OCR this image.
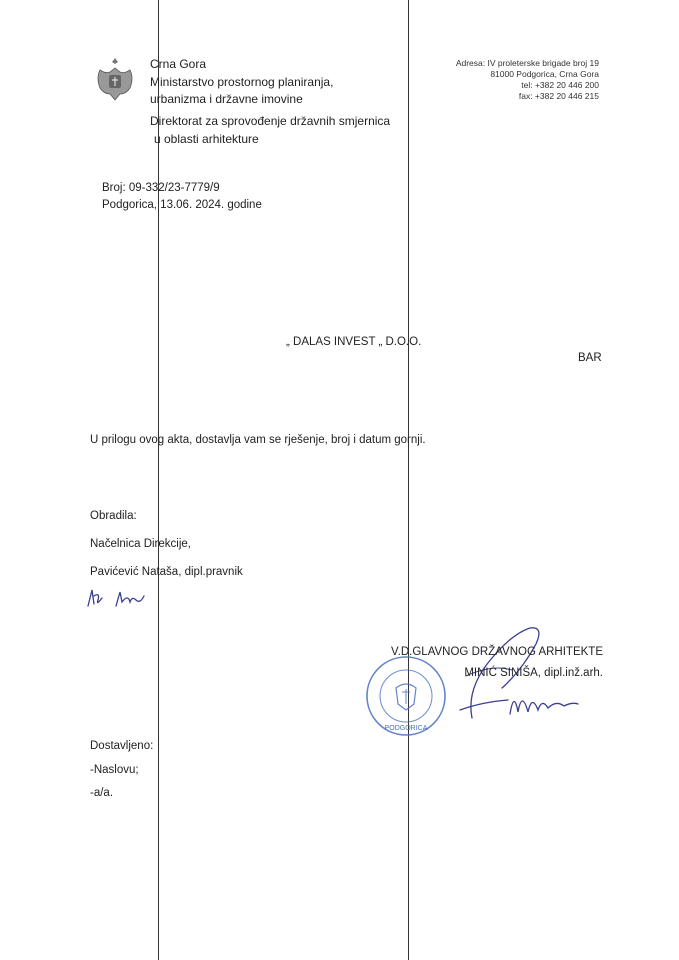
Crna Gora
Ministarstvo prostornog planiranja,
urbanizma i državne imovine
Direktorat za sprovođenje državnih smjernica
u oblasti arhitekture
Adresa: IV proleterske brigade broj 19
81000 Podgorica, Crna Gora
tel: +382 20 446 200
fax: +382 20 446 215
Broj: 09-332/23-7779/9
Podgorica, 13.06. 2024. godine
„ DALAS INVEST „ D.O.O.
BAR
U prilogu ovog akta, dostavlja vam se rješenje, broj i datum gornji.
Obradila:
Načelnica Direkcije,
Pavićević Nataša, dipl.pravnik
PODGORICA
V.D.GLAVNOG DRŽAVNOG ARHITEKTE
MINIĆ SINIŠA, dipl.inž.arh.
Dostavljeno:
-Naslovu;
-a/a.
